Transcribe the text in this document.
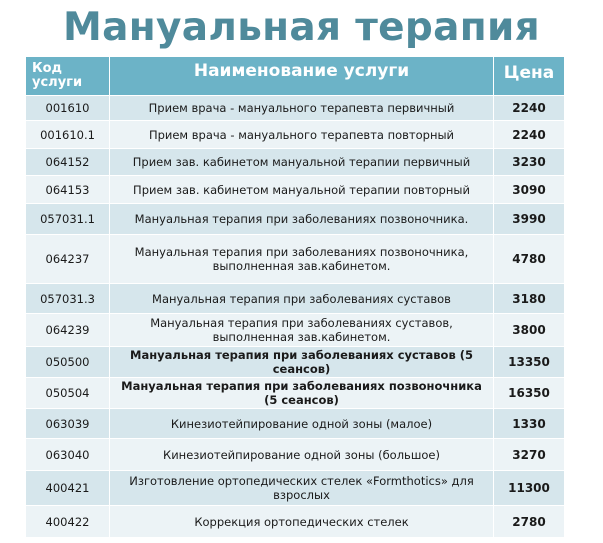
Мануальная терапия
Код услуги	Наименование услуги	Цена
001610	Прием врача - мануального терапевта первичный	2240
001610.1	Прием врача - мануального терапевта повторный	2240
064152	Прием зав. кабинетом мануальной терапии первичный	3230
064153	Прием зав. кабинетом мануальной терапии повторный	3090
057031.1	Мануальная терапия при заболеваниях позвоночника.	3990
064237	Мануальная терапия при заболеваниях позвоночника, выполненная зав.кабинетом.	4780
057031.3	Мануальная терапия при заболеваниях суставов	3180
064239	Мануальная терапия при заболеваниях суставов, выполненная зав.кабинетом.	3800
050500	Мануальная терапия при заболеваниях суставов (5 сеансов)	13350
050504	Мануальная терапия при заболеваниях позвоночника (5 сеансов)	16350
063039	Кинезиотейпирование одной зоны (малое)	1330
063040	Кинезиотейпирование одной зоны (большое)	3270
400421	Изготовление ортопедических стелек «Formthotics» для взрослых	11300
400422	Коррекция ортопедических стелек	2780
